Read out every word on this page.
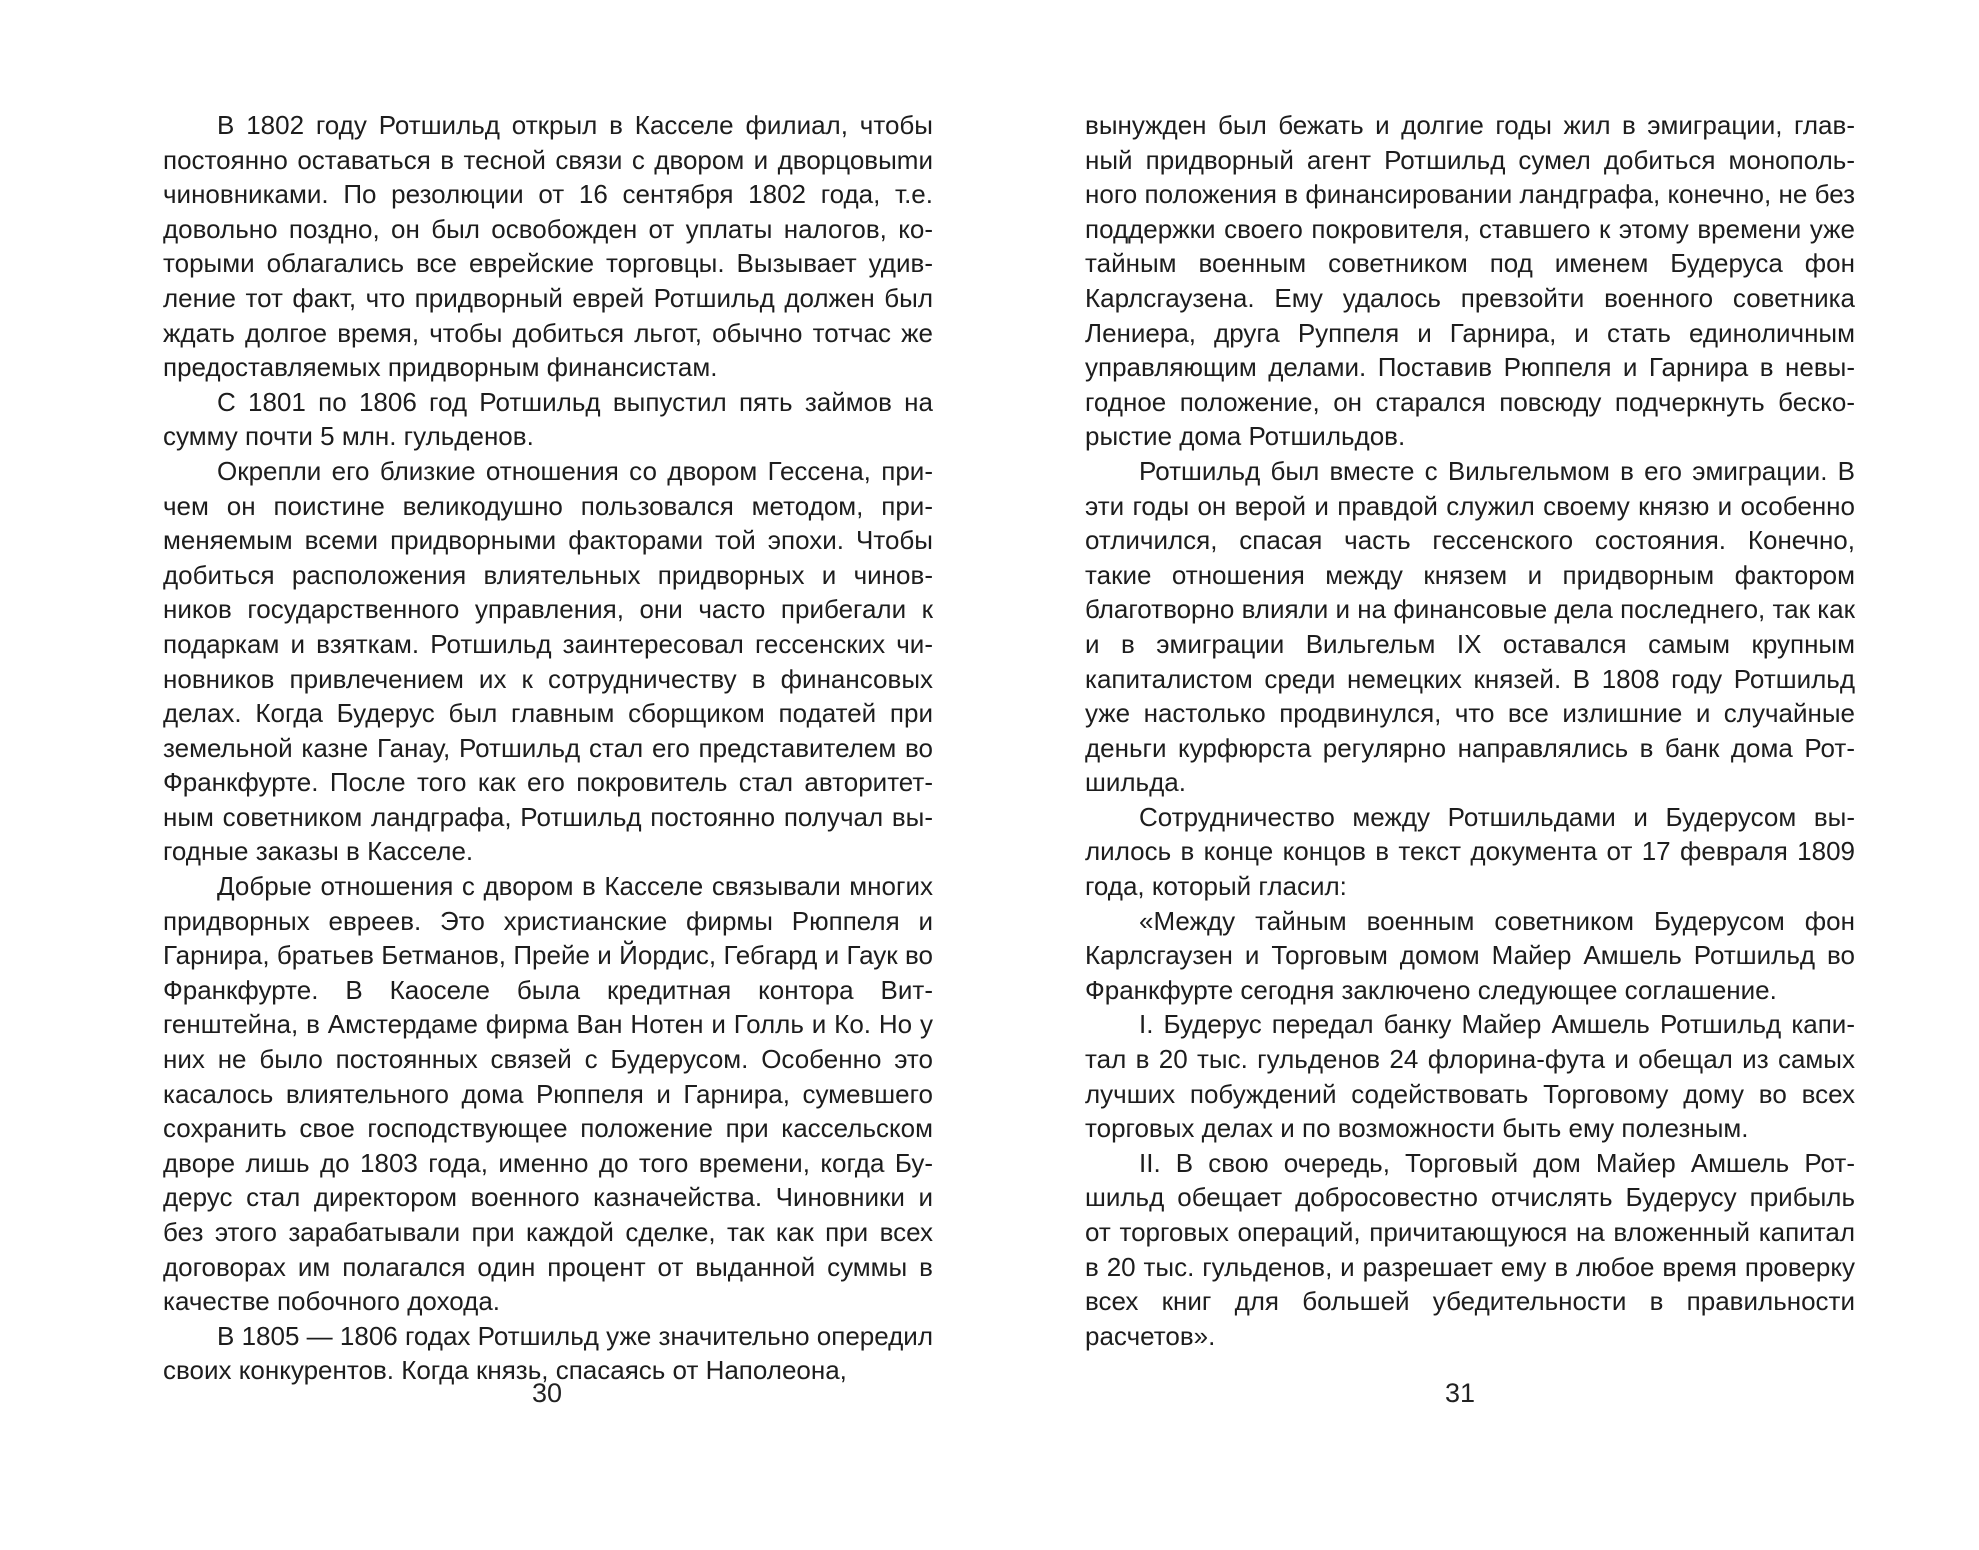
В 1802 году Ротшильд открыл в Касселе филиал, чтобы постоянно оставаться в тесной связи с двором и дворцовыmи чиновниками. По резолюции от 16 сентября 1802 года, т.е. довольно поздно, он был освобожден от уплаты налогов, которыми облагались все еврейские торговцы. Вызывает удивление тот факт, что придворный еврей Ротшильд должен был ждать долгое время, чтобы добиться льгот, обычно тотчас же предоставляемых придворным финансистам.

С 1801 по 1806 год Ротшильд выпустил пять займов на сумму почти 5 млн. гульденов.

Окрепли его близкие отношения со двором Гессена, причем он поистине великодушно пользовался методом, применяемым всеми придворными факторами той эпохи. Чтобы добиться расположения влиятельных придворных и чиновников государственного управления, они часто прибегали к подаркам и взяткам. Ротшильд заинтересовал гессенских чиновников привлечением их к сотрудничеству в финансовых делах. Когда Будерус был главным сборщиком податей при земельной казне Ганау, Ротшильд стал его представителем во Франкфурте. После того как его покровитель стал авторитетным советником ландграфа, Ротшильд постоянно получал выгодные заказы в Касселе.

Добрые отношения с двором в Касселе связывали многих придворных евреев. Это христианские фирмы Рюппеля и Гарнира, братьев Бетманов, Прейе и Йордис, Гебгард и Гаук во Франкфурте. В Каоселе была кредитная контора Витгенштейна, в Амстердаме фирма Ван Нотен и Голль и Ко. Но у них не было постоянных связей с Будерусом. Особенно это касалось влиятельного дома Рюппеля и Гарнира, сумевшего сохранить свое господствующее положение при кассельском дворе лишь до 1803 года, именно до того времени, когда Будерус стал директором военного казначейства. Чиновники и без этого зарабатывали при каждой сделке, так как при всех договорах им полагался один процент от выданной суммы в качестве побочного дохода.

В 1805 — 1806 годах Ротшильд уже значительно опередил своих конкурентов. Когда князь, спасаясь от Наполеона,

30

вынужден был бежать и долгие годы жил в эмиграции, главный придворный агент Ротшильд сумел добиться монопольного положения в финансировании ландграфа, конечно, не без поддержки своего покровителя, ставшего к этому времени уже тайным военным советником под именем Будеруса фон Карлсгаузена. Ему удалось превзойти военного советника Лениера, друга Руппеля и Гарнира, и стать единоличным управляющим делами. Поставив Рюппеля и Гарнира в невыгодное положение, он старался повсюду подчеркнуть бескорыстие дома Ротшильдов.

Ротшильд был вместе с Вильгельмом в его эмиграции. В эти годы он верой и правдой служил своему князю и особенно отличился, спасая часть гессенского состояния. Конечно, такие отношения между князем и придворным фактором благотворно влияли и на финансовые дела последнего, так как и в эмиграции Вильгельм IX оставался самым крупным капиталистом среди немецких князей. В 1808 году Ротшильд уже настолько продвинулся, что все излишние и случайные деньги курфюрста регулярно направлялись в банк дома Ротшильда.

Сотрудничество между Ротшильдами и Будерусом вылилось в конце концов в текст документа от 17 февраля 1809 года, который гласил:

«Между тайным военным советником Будерусом фон Карлсгаузен и Торговым домом Майер Амшель Ротшильд во Франкфурте сегодня заключено следующее соглашение.

I. Будерус передал банку Майер Амшель Ротшильд капитал в 20 тыс. гульденов 24 флорина-фута и обещал из самых лучших побуждений содействовать Торговому дому во всех торговых делах и по возможности быть ему полезным.

II. В свою очередь, Торговый дом Майер Амшель Ротшильд обещает добросовестно отчислять Будерусу прибыль от торговых операций, причитающуюся на вложенный капитал в 20 тыс. гульденов, и разрешает ему в любое время проверку всех книг для большей убедительности в правильности расчетов».

31
